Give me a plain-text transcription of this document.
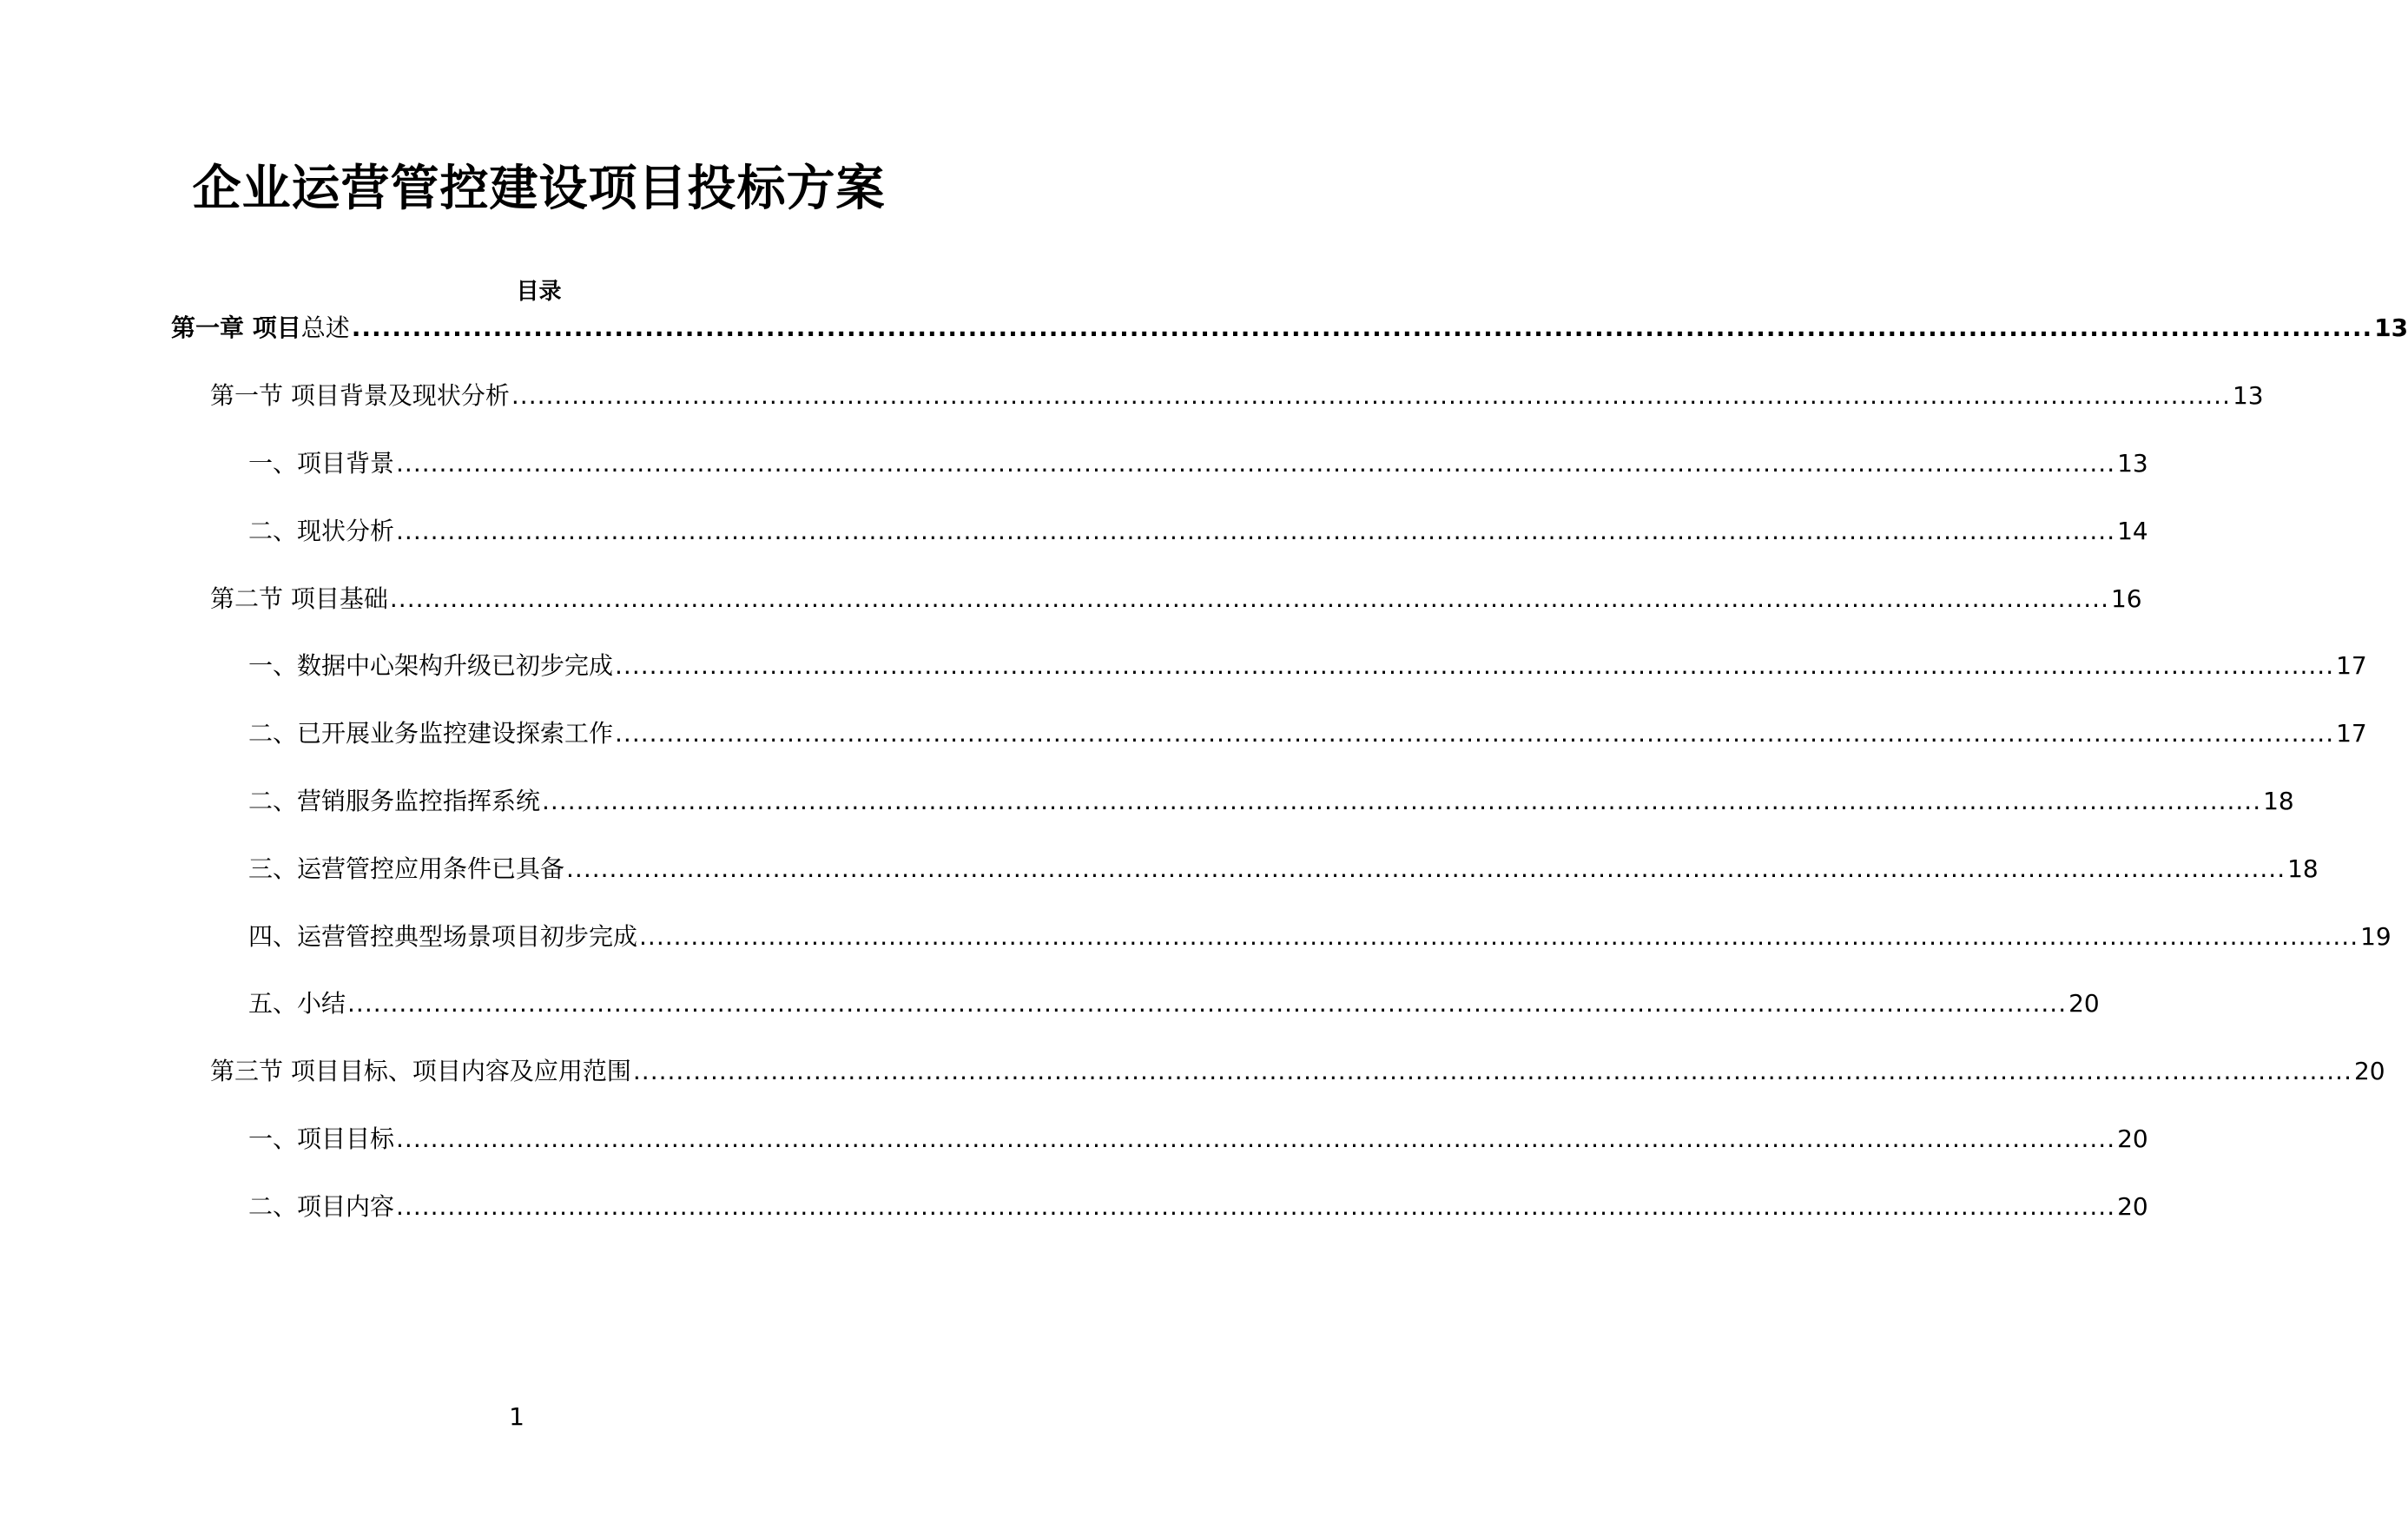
企业运营管控建设项目投标方案
目录
第一章 项目总述 ........................................................................................................................................................................................................ 13
第一节 项目背景及现状分析 ........................................................................................................................................................................................................ 13
一、项目背景 ........................................................................................................................................................................................................ 13
二、现状分析 ........................................................................................................................................................................................................ 14
第二节 项目基础 ........................................................................................................................................................................................................ 16
一、数据中心架构升级已初步完成 ........................................................................................................................................................................................................ 17
二、已开展业务监控建设探索工作 ........................................................................................................................................................................................................ 17
二、营销服务监控指挥系统 ........................................................................................................................................................................................................ 18
三、运营管控应用条件已具备 ........................................................................................................................................................................................................ 18
四、运营管控典型场景项目初步完成 ........................................................................................................................................................................................................ 19
五、小结 ........................................................................................................................................................................................................ 20
第三节 项目目标、项目内容及应用范围 ........................................................................................................................................................................................................ 20
一、项目目标 ........................................................................................................................................................................................................ 20
二、项目内容 ........................................................................................................................................................................................................ 20
1
